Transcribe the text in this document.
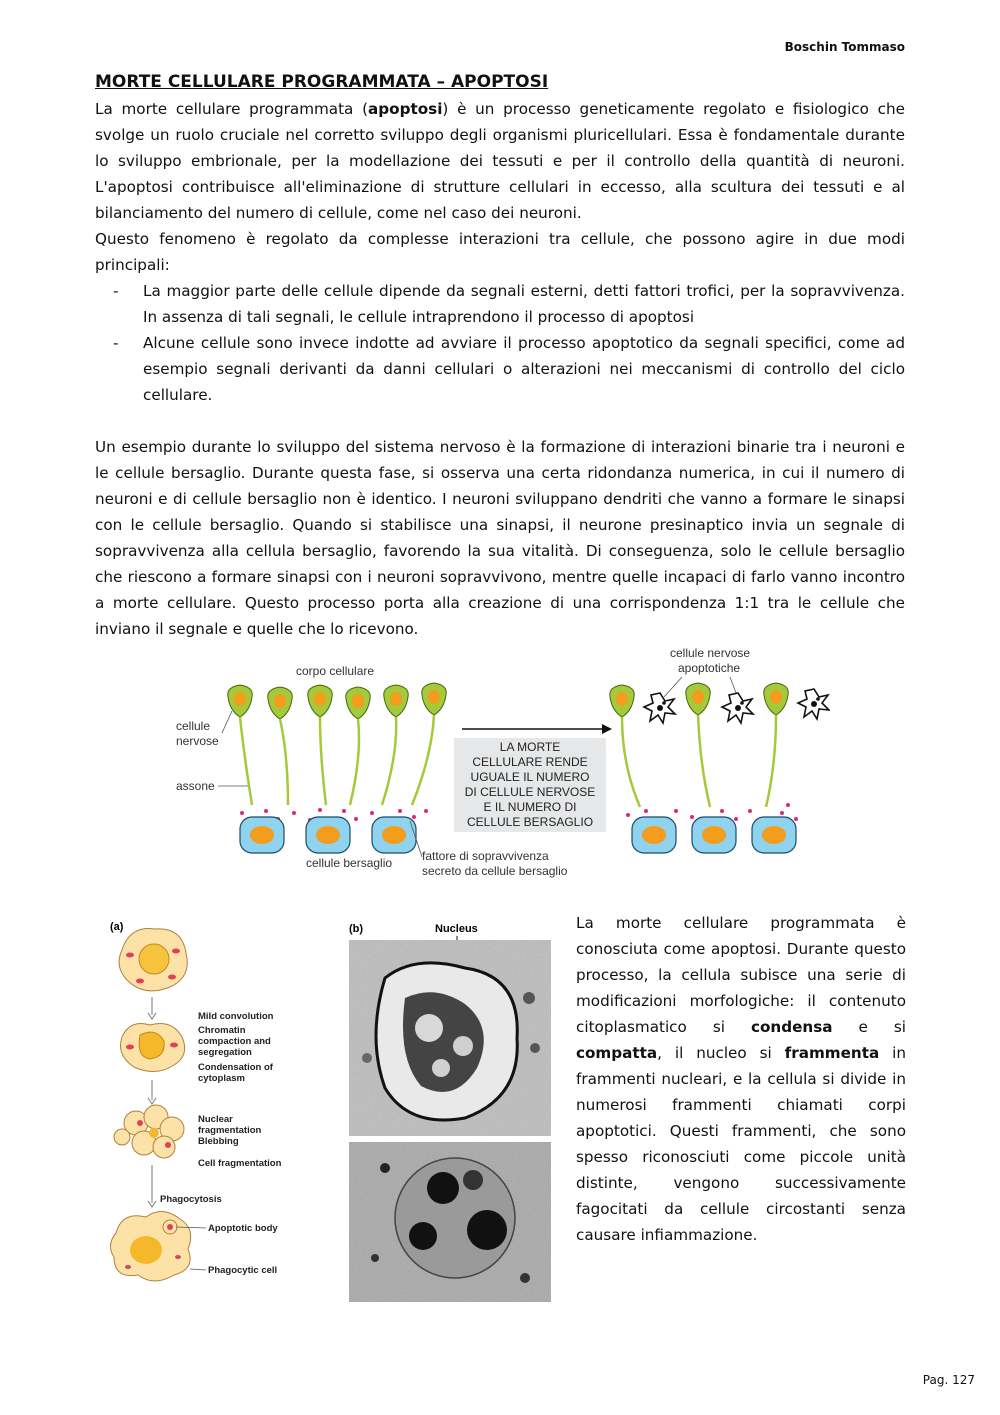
Boschin Tommaso
MORTE CELLULARE PROGRAMMATA – APOPTOSI

La morte cellulare programmata (apoptosi) è un processo geneticamente regolato e fisiologico che svolge un ruolo cruciale nel corretto sviluppo degli organismi pluricellulari. Essa è fondamentale durante lo sviluppo embrionale, per la modellazione dei tessuti e per il controllo della quantità di neuroni. L'apoptosi contribuisce all'eliminazione di strutture cellulari in eccesso, alla scultura dei tessuti e al bilanciamento del numero di cellule, come nel caso dei neuroni.

Questo fenomeno è regolato da complesse interazioni tra cellule, che possono agire in due modi principali:

- La maggior parte delle cellule dipende da segnali esterni, detti fattori trofici, per la sopravvivenza. In assenza di tali segnali, le cellule intraprendono il processo di apoptosi
- Alcune cellule sono invece indotte ad avviare il processo apoptotico da segnali specifici, come ad esempio segnali derivanti da danni cellulari o alterazioni nei meccanismi di controllo del ciclo cellulare.

Un esempio durante lo sviluppo del sistema nervoso è la formazione di interazioni binarie tra i neuroni e le cellule bersaglio. Durante questa fase, si osserva una certa ridondanza numerica, in cui il numero di neuroni e di cellule bersaglio non è identico. I neuroni sviluppano dendriti che vanno a formare le sinapsi con le cellule bersaglio. Quando si stabilisce una sinapsi, il neurone presinaptico invia un segnale di sopravvivenza alla cellula bersaglio, favorendo la sua vitalità. Di conseguenza, solo le cellule bersaglio che riescono a formare sinapsi con i neuroni sopravvivono, mentre quelle incapaci di farlo vanno incontro a morte cellulare. Questo processo porta alla creazione di una corrispondenza 1:1 tra le cellule che inviano il segnale e quelle che lo ricevono.

corpo cellulare
cellule
nervose
assone
cellule bersaglio fattore di sopravvivenza
secreto da cellule bersaglio
LA MORTE
CELLULARE RENDE
UGUALE IL NUMERO
DI CELLULE NERVOSE
E IL NUMERO DI
CELLULE BERSAGLIO
cellule nervose
apoptotiche
(a)
Mild convolution
Chromatin
compaction and
segregation
Condensation of
cytoplasm
Nuclear
fragmentation
Blebbing
Cell fragmentation
Phagocytosis
Apoptotic body
Phagocytic cell
(b)	Nucleus	La morte cellulare programmata è conosciuta come apoptosi. Durante questo processo, la cellula subisce una serie di modificazioni morfologiche: il contenuto citoplasmatico si condensa e si compatta, il nucleo si frammenta in frammenti nucleari, e la cellula si divide in numerosi frammenti chiamati corpi apoptotici. Questi frammenti, che sono spesso riconosciuti come piccole unità distinte, vengono successivamente fagocitati da cellule circostanti senza causare infiammazione.

Pag. 127
